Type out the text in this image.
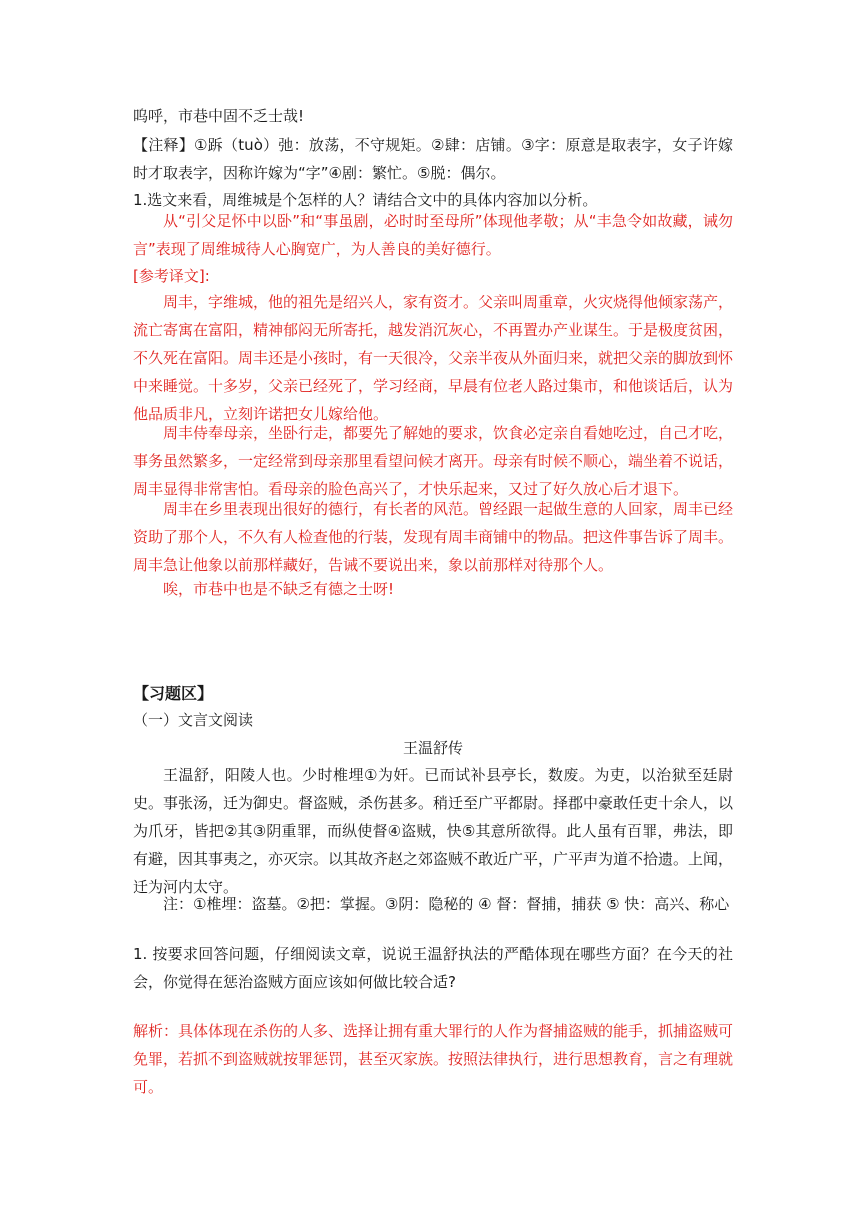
呜呼，市巷中固不乏士哉!

【注释】①跅（tuò）弛：放荡，不守规矩。②肆：店铺。③字：原意是取表字，女子许嫁时才取表字，因称许嫁为“字”④剧：繁忙。⑤脱：偶尔。

1.选文来看，周维城是个怎样的人？请结合文中的具体内容加以分析。

从“引父足怀中以卧”和“事虽剧，必时时至母所”体现他孝敬；从“丰急令如故藏，诫勿言”表现了周维城待人心胸宽广，为人善良的美好德行。

[参考译文]:

周丰，字维城，他的祖先是绍兴人，家有资才。父亲叫周重章，火灾烧得他倾家荡产，流亡寄寓在富阳，精神郁闷无所寄托，越发消沉灰心，不再置办产业谋生。于是极度贫困，不久死在富阳。周丰还是小孩时，有一天很冷，父亲半夜从外面归来，就把父亲的脚放到怀中来睡觉。十多岁，父亲已经死了，学习经商，早晨有位老人路过集市，和他谈话后，认为他品质非凡，立刻许诺把女儿嫁给他。

周丰侍奉母亲，坐卧行走，都要先了解她的要求，饮食必定亲自看她吃过，自己才吃，事务虽然繁多，一定经常到母亲那里看望问候才离开。母亲有时候不顺心，端坐着不说话，周丰显得非常害怕。看母亲的脸色高兴了，才快乐起来，又过了好久放心后才退下。

周丰在乡里表现出很好的德行，有长者的风范。曾经跟一起做生意的人回家，周丰已经资助了那个人，不久有人检查他的行装，发现有周丰商铺中的物品。把这件事告诉了周丰。周丰急让他象以前那样藏好，告诫不要说出来，象以前那样对待那个人。

唉，市巷中也是不缺乏有德之士呀!

【习题区】

（一）文言文阅读

王温舒传

王温舒，阳陵人也。少时椎埋①为奸。已而试补县亭长，数废。为吏，以治狱至廷尉史。事张汤，迁为御史。督盗贼，杀伤甚多。稍迁至广平都尉。择郡中豪敢任吏十余人，以为爪牙，皆把②其③阴重罪，而纵使督④盗贼，快⑤其意所欲得。此人虽有百罪，弗法，即有避，因其事夷之，亦灭宗。以其故齐赵之郊盗贼不敢近广平，广平声为道不拾遗。上闻，迁为河内太守。

注：①椎埋：盗墓。②把：掌握。③阴：隐秘的 ④ 督：督捕，捕获 ⑤ 快：高兴、称心

1. 按要求回答问题，仔细阅读文章，说说王温舒执法的严酷体现在哪些方面？在今天的社会，你觉得在惩治盗贼方面应该如何做比较合适?

解析：具体体现在杀伤的人多、选择让拥有重大罪行的人作为督捕盗贼的能手，抓捕盗贼可免罪，若抓不到盗贼就按罪惩罚，甚至灭家族。按照法律执行，进行思想教育，言之有理就可。
